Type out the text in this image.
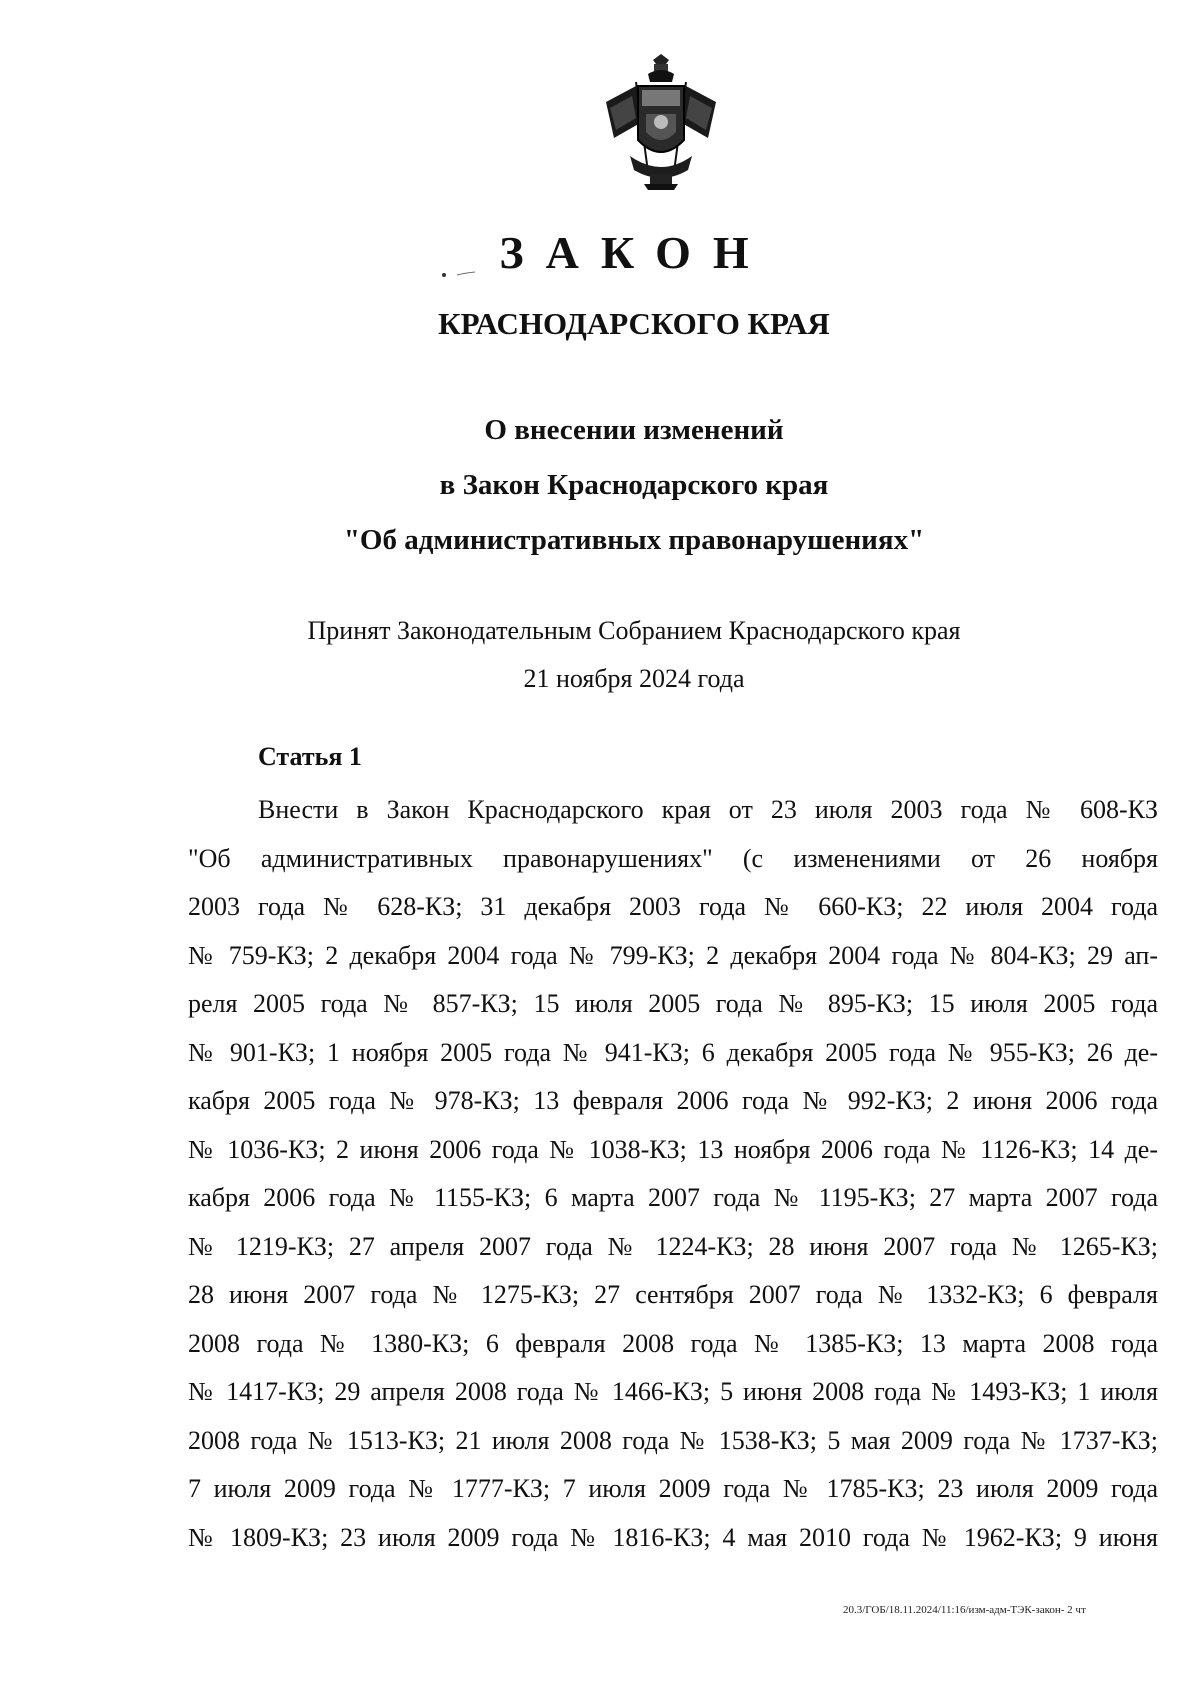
ЗАКОН
КРАСНОДАРСКОГО КРАЯ
О внесении изменений
в Закон Краснодарского края
"Об административных правонарушениях"
Принят Законодательным Собранием Краснодарского края
21 ноября 2024 года
Статья 1
Внести в Закон Краснодарского края от 23 июля 2003 года № 608-КЗ
"Об административных правонарушениях" (с изменениями от 26 ноября
2003 года № 628-КЗ; 31 декабря 2003 года № 660-КЗ; 22 июля 2004 года
№ 759-КЗ; 2 декабря 2004 года № 799-КЗ; 2 декабря 2004 года № 804-КЗ; 29 ап-
реля 2005 года № 857-КЗ; 15 июля 2005 года № 895-КЗ; 15 июля 2005 года
№ 901-КЗ; 1 ноября 2005 года № 941-КЗ; 6 декабря 2005 года № 955-КЗ; 26 де-
кабря 2005 года № 978-КЗ; 13 февраля 2006 года № 992-КЗ; 2 июня 2006 года
№ 1036-КЗ; 2 июня 2006 года № 1038-КЗ; 13 ноября 2006 года № 1126-КЗ; 14 де-
кабря 2006 года № 1155-КЗ; 6 марта 2007 года № 1195-КЗ; 27 марта 2007 года
№ 1219-КЗ; 27 апреля 2007 года № 1224-КЗ; 28 июня 2007 года № 1265-КЗ;
28 июня 2007 года № 1275-КЗ; 27 сентября 2007 года № 1332-КЗ; 6 февраля
2008 года № 1380-КЗ; 6 февраля 2008 года № 1385-КЗ; 13 марта 2008 года
№ 1417-КЗ; 29 апреля 2008 года № 1466-КЗ; 5 июня 2008 года № 1493-КЗ; 1 июля
2008 года № 1513-КЗ; 21 июля 2008 года № 1538-КЗ; 5 мая 2009 года № 1737-КЗ;
7 июля 2009 года № 1777-КЗ; 7 июля 2009 года № 1785-КЗ; 23 июля 2009 года
№ 1809-КЗ; 23 июля 2009 года № 1816-КЗ; 4 мая 2010 года № 1962-КЗ; 9 июня
20.3/ГОБ/18.11.2024/11:16/изм-адм-ТЭК-закон- 2 чт
